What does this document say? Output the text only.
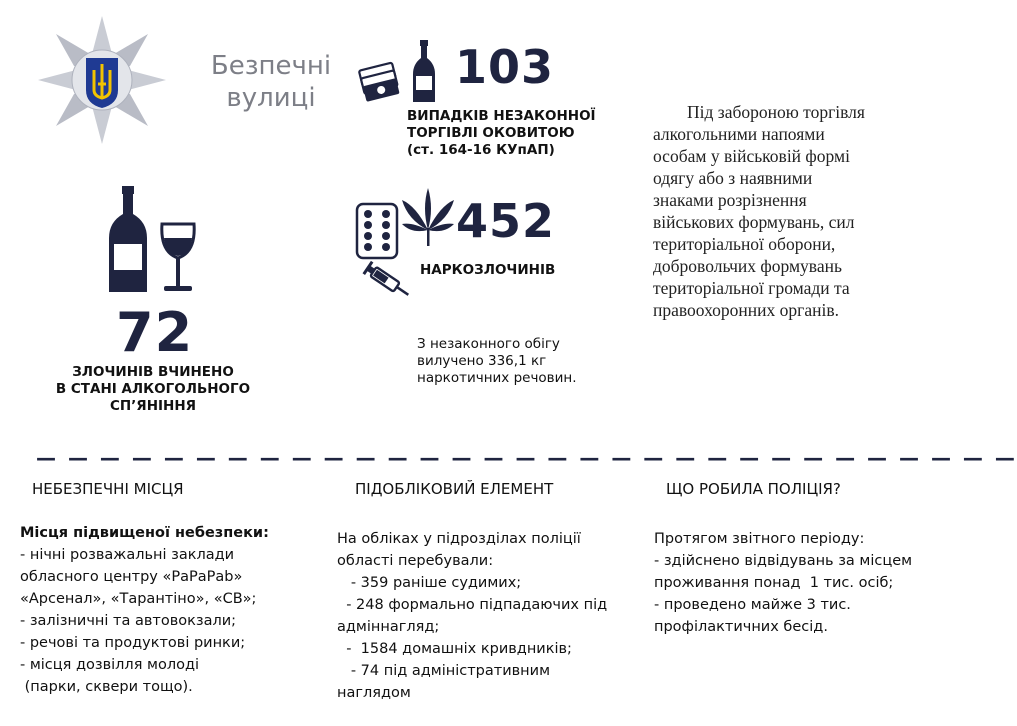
Безпечні
вулиці
103
ВИПАДКІВ НЕЗАКОННОЇ
ТОРГІВЛІ ОКОВИТОЮ
(ст. 164-16 КУпАП)
Під забороною торгівля
алкогольними напоями
особам у військовій формі
одягу або з наявними
знаками розрізнення
військових формувань, сил
територіальної оборони,
добровольчих формувань
територіальної громади та
правоохоронних органів.
72
ЗЛОЧИНІВ ВЧИНЕНО
В СТАНІ АЛКОГОЛЬНОГО
СП’ЯНІННЯ
452
НАРКОЗЛОЧИНІВ
З незаконного обігу
вилучено 336,1 кг
наркотичних речовин.
— — — — — — — — — — — — — — — — — — — — — — — — — — — — — — —
НЕБЕЗПЕЧНІ МІСЦЯ	ПІДОБЛІКОВИЙ ЕЛЕМЕНТ	ЩО РОБИЛА ПОЛІЦІЯ?
Місця підвищеної небезпеки:
- нічні розважальні заклади
обласного центру «РаРаРаb»
«Арсенал», «Тарантіно», «СВ»;
- залізничні та автовокзали;
- речові та продуктові ринки;
- місця дозвілля молоді
(парки, сквери тощо).
На обліках у підрозділах поліції
області перебували:
- 359 раніше судимих;
- 248 формально підпадаючих під
адміннагляд;
-  1584 домашніх кривдників;
- 74 під адміністративним
наглядом
Протягом звітного періоду:
- здійснено відвідувань за місцем
проживання понад  1 тис. осіб;
- проведено майже 3 тис.
профілактичних бесід.
